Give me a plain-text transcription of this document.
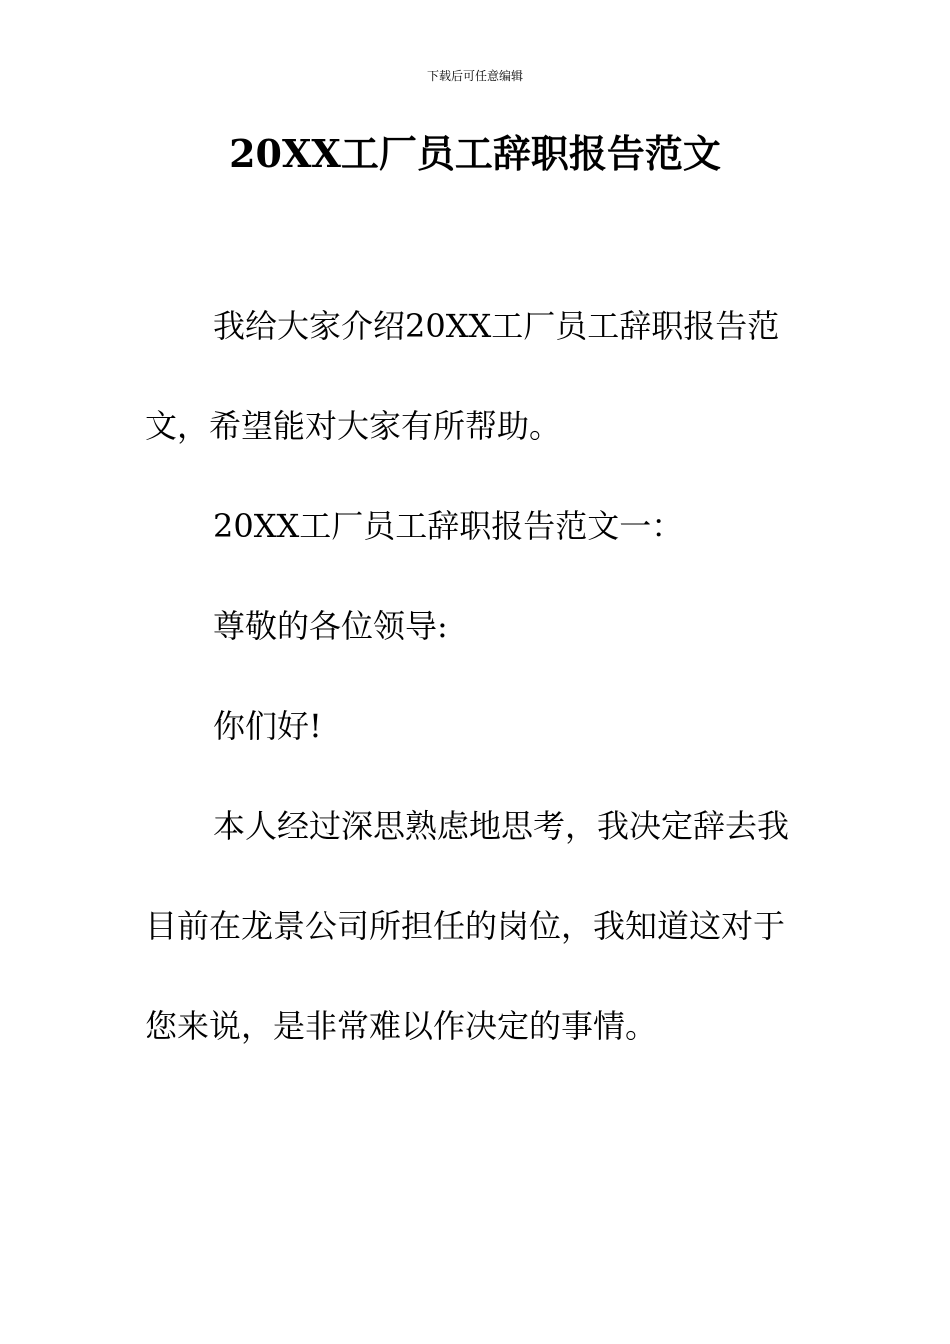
下载后可任意编辑
20XX工厂员工辞职报告范文

我给大家介绍20XX工厂员工辞职报告范文，希望能对大家有所帮助。

20XX工厂员工辞职报告范文一：

尊敬的各位领导:

你们好!

本人经过深思熟虑地思考，我决定辞去我目前在龙景公司所担任的岗位，我知道这对于您来说，是非常难以作决定的事情。
